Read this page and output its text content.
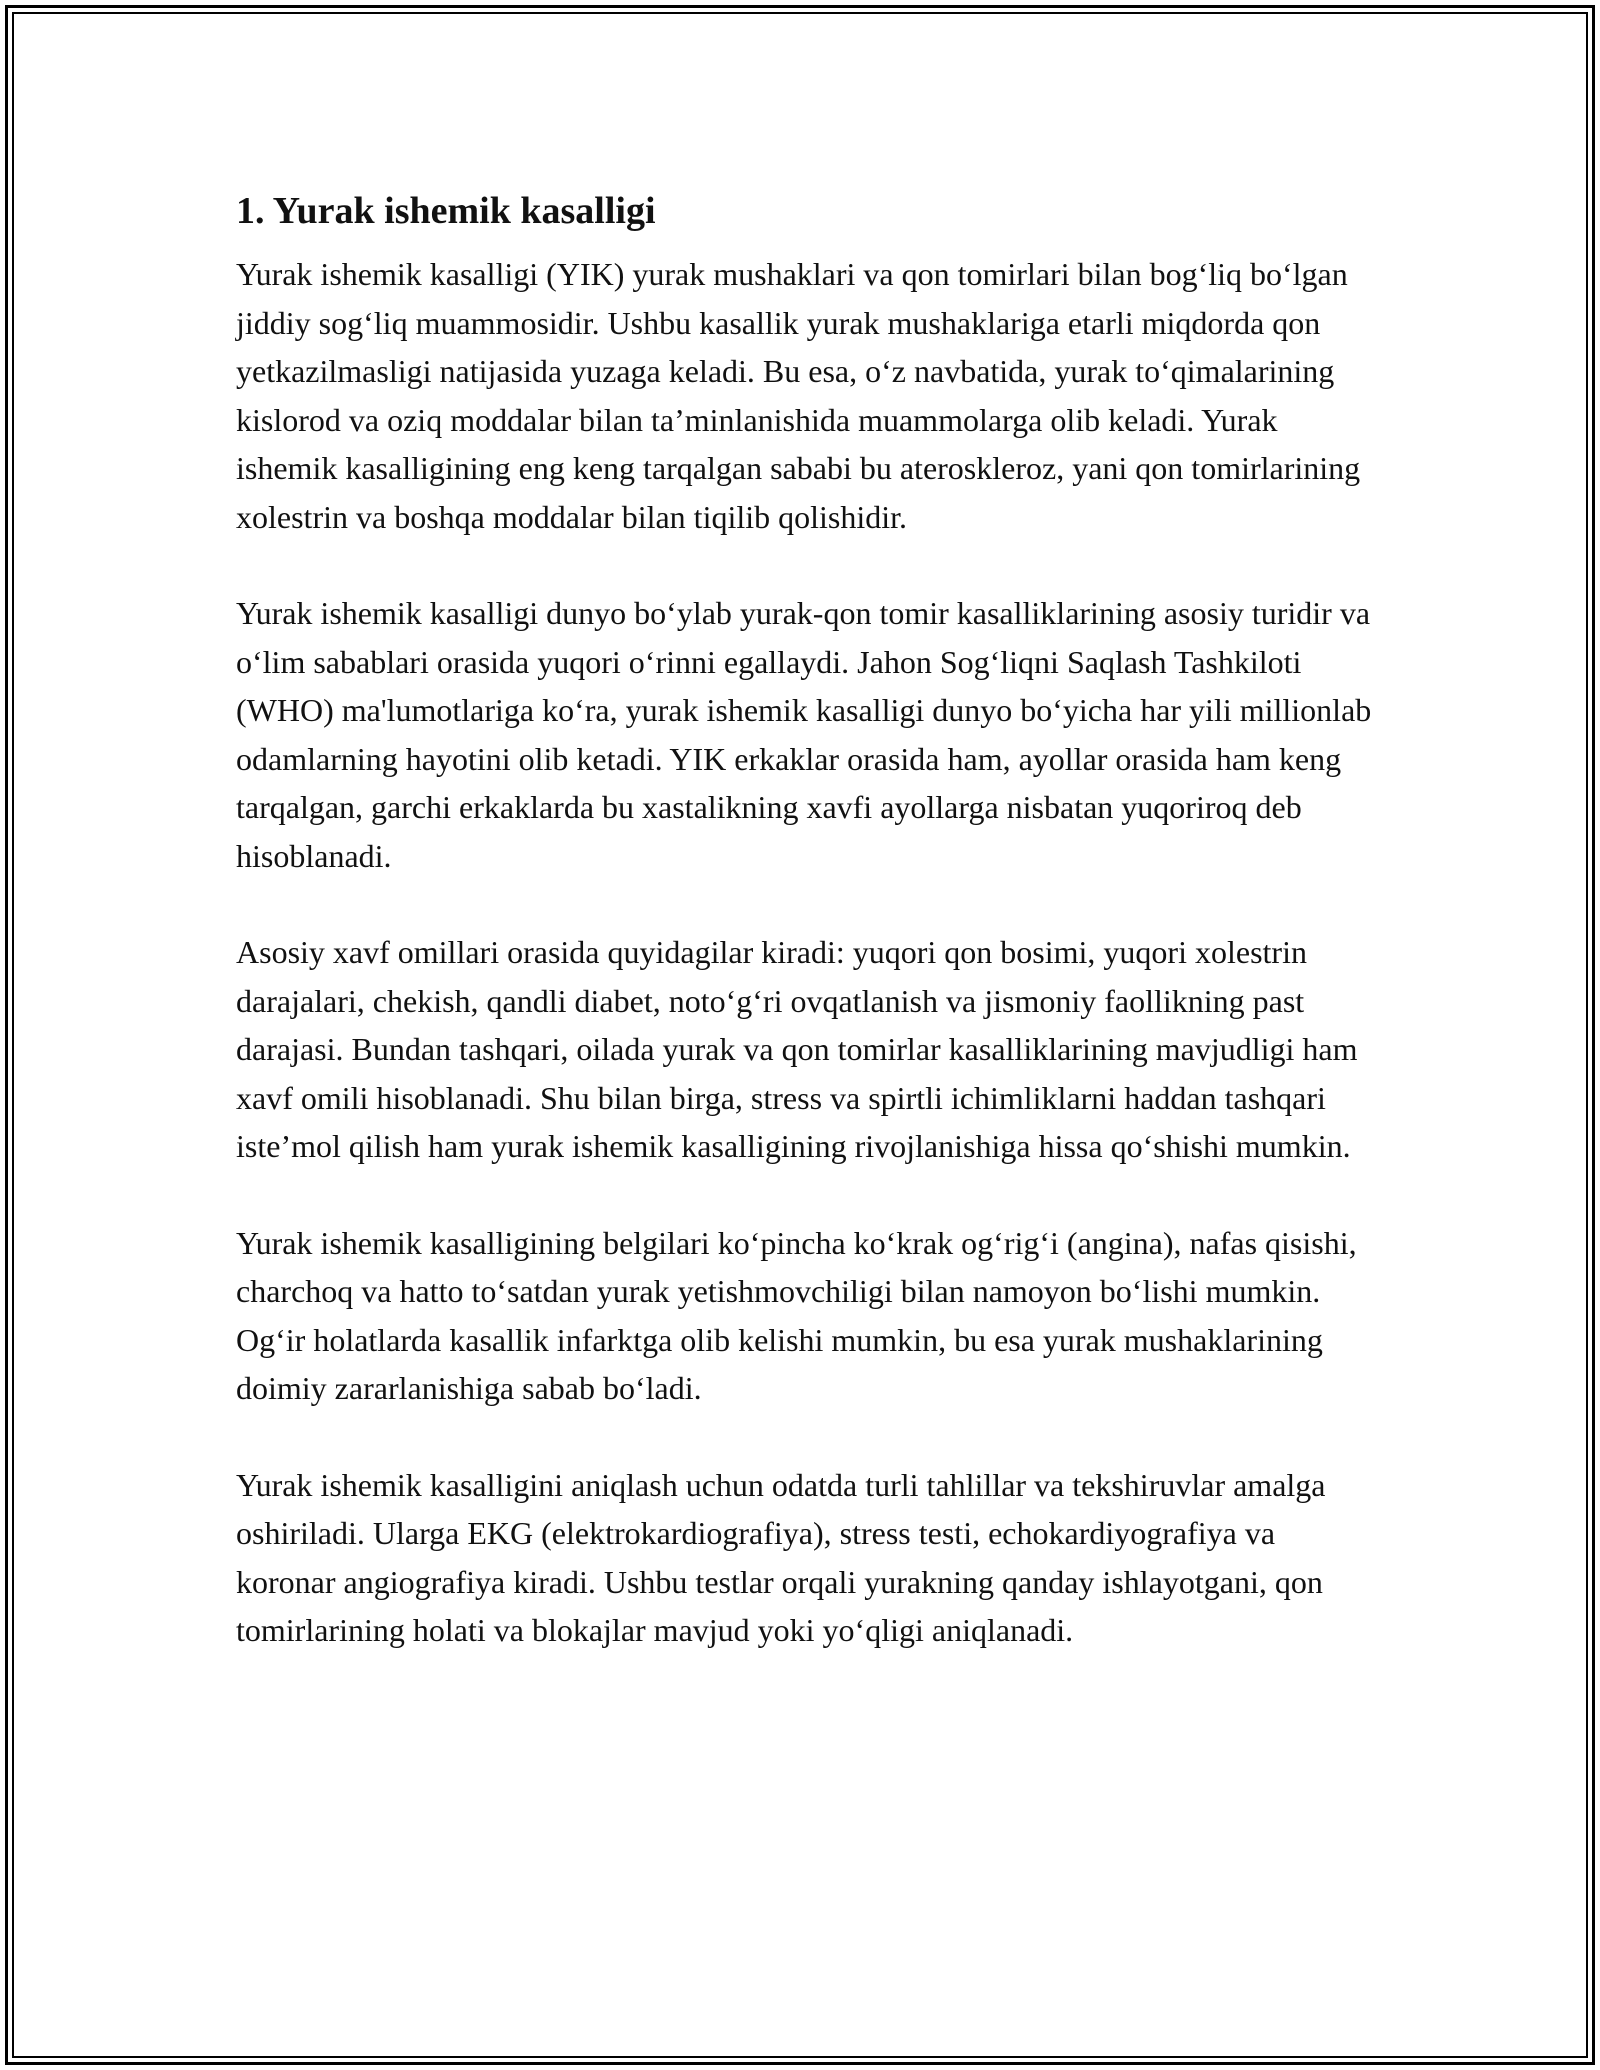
1. Yurak ishemik kasalligi

Yurak ishemik kasalligi (YIK) yurak mushaklari va qon tomirlari bilan bog‘liq bo‘lgan jiddiy sog‘liq muammosidir. Ushbu kasallik yurak mushaklariga etarli miqdorda qon yetkazilmasligi natijasida yuzaga keladi. Bu esa, o‘z navbatida, yurak to‘qimalarining kislorod va oziq moddalar bilan ta’minlanishida muammolarga olib keladi. Yurak ishemik kasalligining eng keng tarqalgan sababi bu ateroskleroz, yani qon tomirlarining xolestrin va boshqa moddalar bilan tiqilib qolishidir.

Yurak ishemik kasalligi dunyo bo‘ylab yurak-qon tomir kasalliklarining asosiy turidir va o‘lim sabablari orasida yuqori o‘rinni egallaydi. Jahon Sog‘liqni Saqlash Tashkiloti (WHO) ma'lumotlariga ko‘ra, yurak ishemik kasalligi dunyo bo‘yicha har yili millionlab odamlarning hayotini olib ketadi. YIK erkaklar orasida ham, ayollar orasida ham keng tarqalgan, garchi erkaklarda bu xastalikning xavfi ayollarga nisbatan yuqoriroq deb hisoblanadi.

Asosiy xavf omillari orasida quyidagilar kiradi: yuqori qon bosimi, yuqori xolestrin darajalari, chekish, qandli diabet, noto‘g‘ri ovqatlanish va jismoniy faollikning past darajasi. Bundan tashqari, oilada yurak va qon tomirlar kasalliklarining mavjudligi ham xavf omili hisoblanadi. Shu bilan birga, stress va spirtli ichimliklarni haddan tashqari iste’mol qilish ham yurak ishemik kasalligining rivojlanishiga hissa qo‘shishi mumkin.

Yurak ishemik kasalligining belgilari ko‘pincha ko‘krak og‘rig‘i (angina), nafas qisishi, charchoq va hatto to‘satdan yurak yetishmovchiligi bilan namoyon bo‘lishi mumkin. Og‘ir holatlarda kasallik infarktga olib kelishi mumkin, bu esa yurak mushaklarining doimiy zararlanishiga sabab bo‘ladi.

Yurak ishemik kasalligini aniqlash uchun odatda turli tahlillar va tekshiruvlar amalga oshiriladi. Ularga EKG (elektrokardiografiya), stress testi, echokardiyografiya va koronar angiografiya kiradi. Ushbu testlar orqali yurakning qanday ishlayotgani, qon tomirlarining holati va blokajlar mavjud yoki yo‘qligi aniqlanadi.
